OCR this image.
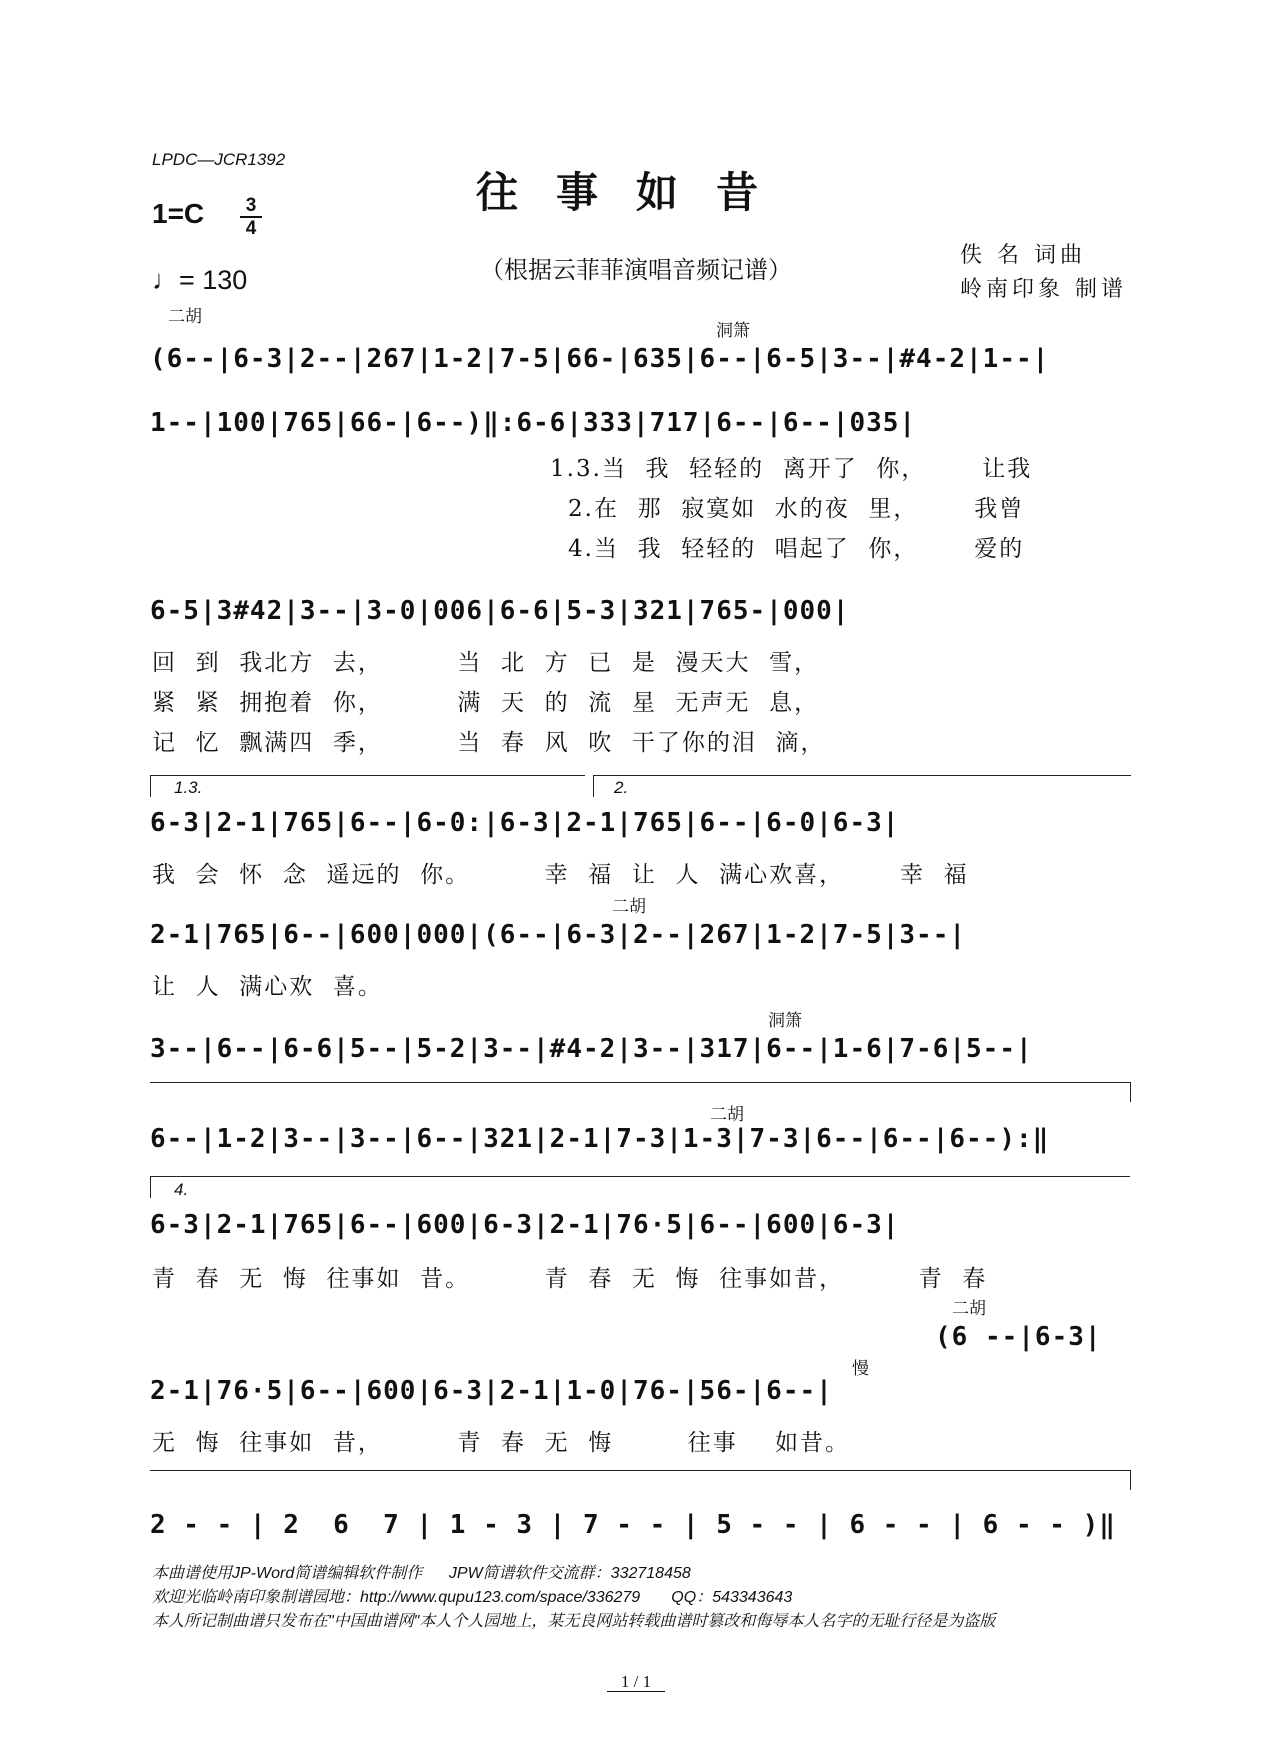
LPDC—JCR1392
往事如昔
1=C	3
4
♩= 130	（根据云菲菲演唱音频记谱）
佚 名 词曲
岭南印象 制谱
二胡
洞箫
(6--|6-3|2--|267|1-2|7-5|66-|635|6--|6-5|3--|#4-2|1--|
1--|100|765|66-|6--)‖:6-6|333|717|6--|6--|035|
1.3.当  我  轻轻的  离开了  你，      让我
2.在  那  寂寞如  水的夜  里，      我曾
4.当  我  轻轻的  唱起了  你，      爱的
6-5|3#42|3--|3-0|006|6-6|5-3|321|765-|000|
回  到  我北方  去，        当  北  方  已  是  漫天大  雪，
紧  紧  拥抱着  你，        满  天  的  流  星  无声无  息，
记  忆  飘满四  季，        当  春  风  吹  干了你的泪  滴，
1.3.	2.
6-3|2-1|765|6--|6-0:|6-3|2-1|765|6--|6-0|6-3|
我  会  怀  念  遥远的  你。        幸  福  让  人  满心欢喜，      幸  福
二胡
2-1|765|6--|600|000|(6--|6-3|2--|267|1-2|7-5|3--|
让  人  满心欢  喜。
洞箫
3--|6--|6-6|5--|5-2|3--|#4-2|3--|317|6--|1-6|7-6|5--|
二胡
6--|1-2|3--|3--|6--|321|2-1|7-3|1-3|7-3|6--|6--|6--):‖
4.
6-3|2-1|765|6--|600|6-3|2-1|76·5|6--|600|6-3|
青  春  无  悔  往事如  昔。        青  春  无  悔  往事如昔，        青  春
二胡
(6 --|6-3|
慢
2-1|76·5|6--|600|6-3|2-1|1-0|76-|56-|6--|
无  悔  往事如  昔，        青  春  无  悔        往事    如昔。
2 - - | 2  6  7 | 1 - 3 | 7 - - | 5 - - | 6 - - | 6 - - )‖
本曲谱使用JP-Word简谱编辑软件制作      JPW简谱软件交流群：332718458
欢迎光临岭南印象制谱园地：http://www.qupu123.com/space/336279       QQ：543343643
本人所记制曲谱只发布在"中国曲谱网"本人个人园地上，某无良网站转载曲谱时篡改和侮辱本人名字的无耻行径是为盗版
1 / 1
